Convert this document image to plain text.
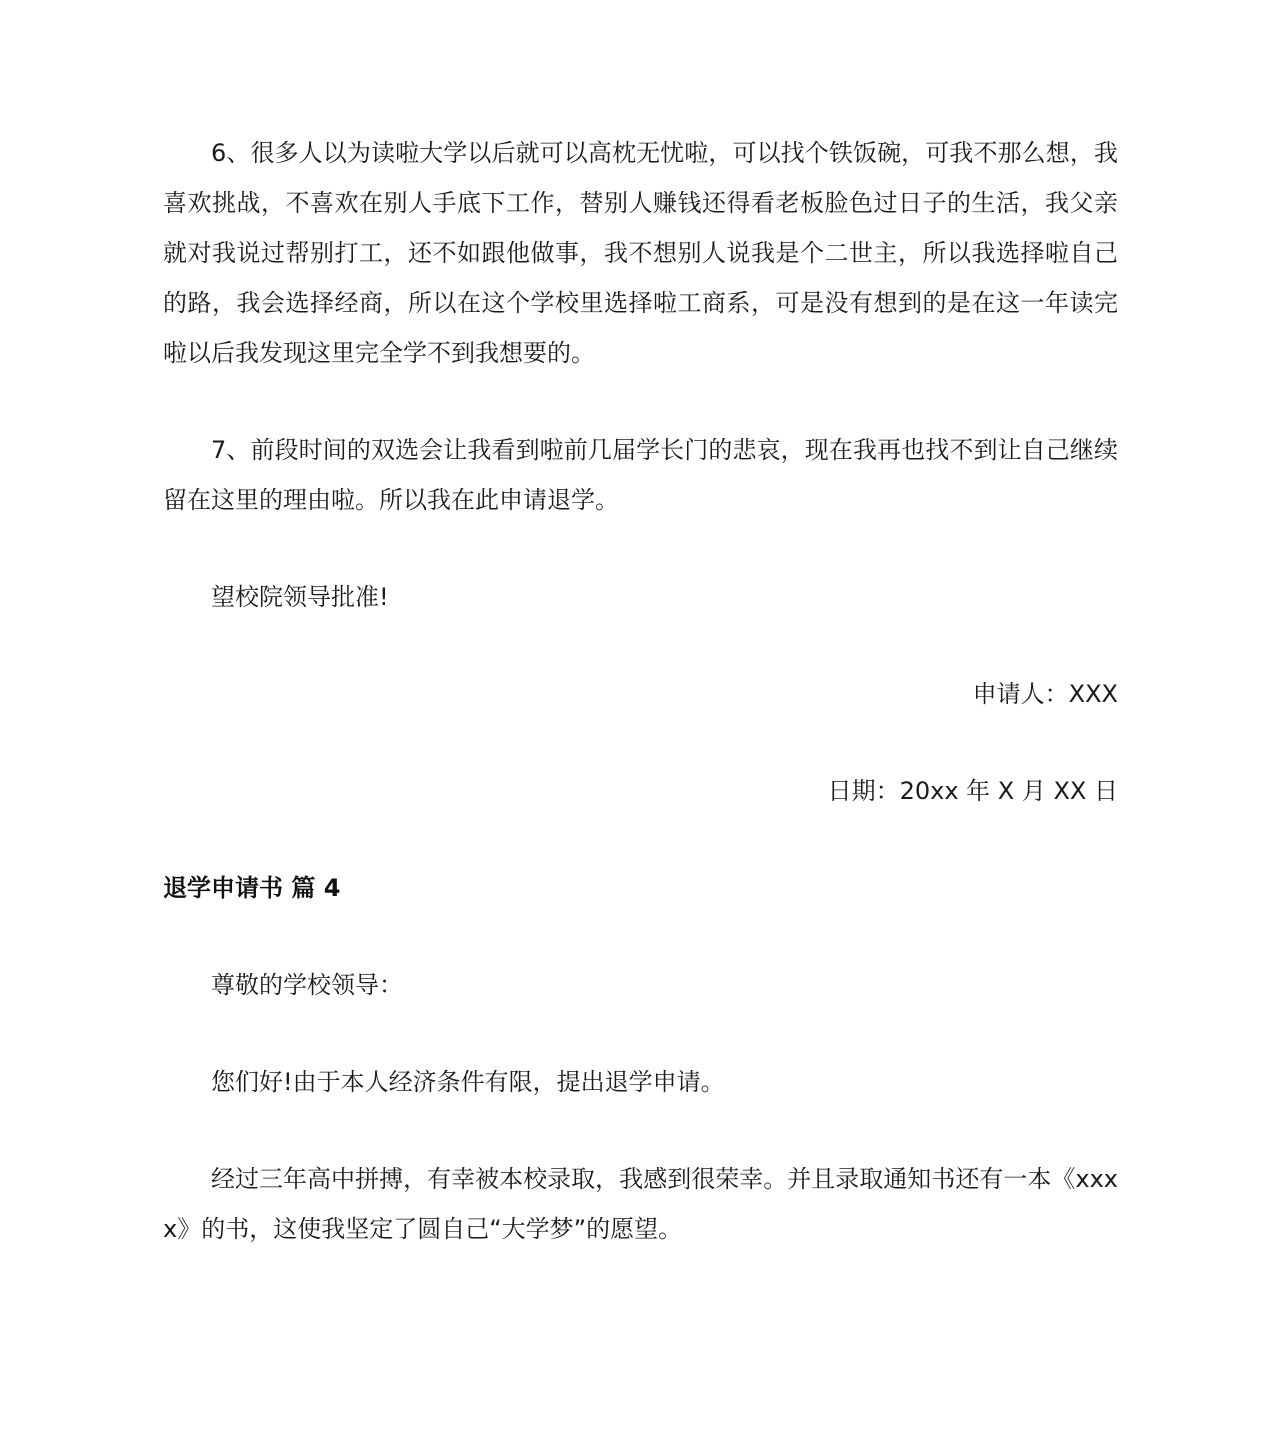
6、很多人以为读啦大学以后就可以高枕无忧啦，可以找个铁饭碗，可我不那么想，我喜欢挑战，不喜欢在别人手底下工作，替别人赚钱还得看老板脸色过日子的生活，我父亲就对我说过帮别打工，还不如跟他做事，我不想别人说我是个二世主，所以我选择啦自己的路，我会选择经商，所以在这个学校里选择啦工商系，可是没有想到的是在这一年读完啦以后我发现这里完全学不到我想要的。

7、前段时间的双选会让我看到啦前几届学长门的悲哀，现在我再也找不到让自己继续留在这里的理由啦。所以我在此申请退学。

望校院领导批准!

申请人：XXX

日期：20xx 年 X 月 XX 日

退学申请书 篇 4

尊敬的学校领导：

您们好!由于本人经济条件有限，提出退学申请。

经过三年高中拼搏，有幸被本校录取，我感到很荣幸。并且录取通知书还有一本《xxxx》的书，这使我坚定了圆自己“大学梦”的愿望。
